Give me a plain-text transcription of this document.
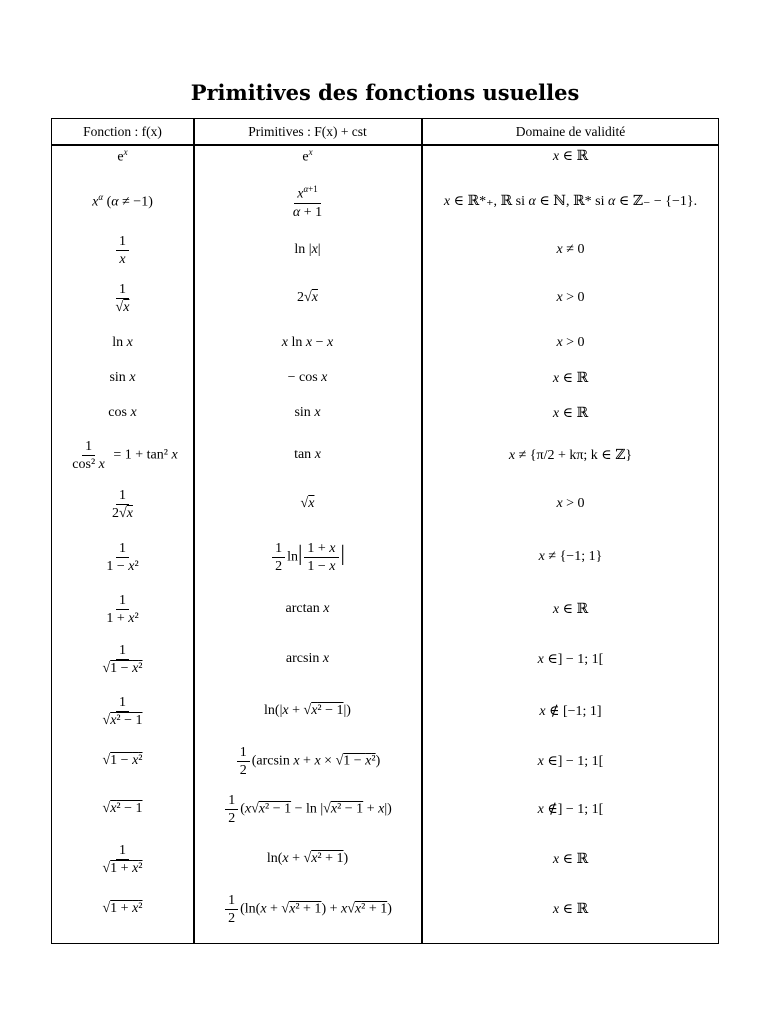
Primitives des fonctions usuelles
Fonction : f(x)	Primitives : F(x) + cst	Domaine de validité
$e^x$	$e^x$	x ∈ ℝ
$x^\alpha$ (α ≠ −1)	$\frac{x^{\alpha+1}}{\alpha + 1}$	x ∈ ℝ*₊, ℝ si α ∈ ℕ, ℝ* si α ∈ ℤ₋ − {−1}.
$\frac{1}{x}$	ln |x|	x ≠ 0
$\frac{1}{√x}$	2√x	x > 0
ln x	x ln x − x	x > 0
sin x	− cos x	x ∈ ℝ
cos x	sin x	x ∈ ℝ
$\frac{1}{\text{cos² x}} = 1 + \tan^2$ x	tan x	x ≠ {π/2 + kπ; k ∈ ℤ}
$\frac{1}{2√x}$	√x	x > 0
$\frac{1}{\text{1 − x²}}$	$\frac{1}{2} \ln| \frac{1 + x}{1 - x}$ |	x ≠ {−1; 1}
$\frac{1}{\text{1 + x²}}$	arctan x	x ∈ ℝ
$\frac{1}{\text{√1 − x²}}$	arcsin x	x ∈] − 1; 1[
$\frac{1}{\text{√x² − 1}}$	ln(|x + √x² − 1|)	x ∉ [−1; 1]
√1 − x²	$\frac{1}{2} (\arcsin$ x + x × √1 − x²)	x ∈] − 1; 1[
√x² − 1	$\frac{1}{2} (x√x^2 - 1 - \ln |√x^2 - 1 + x|)$	x ∉] − 1; 1[
$\frac{1}{\text{√1 + x²}}$	ln(x + √x² + 1)	x ∈ ℝ
√1 + x²	$\frac{1}{2} (\ln(x + √x^2 + 1) + x√x^2 + 1)$	x ∈ ℝ
